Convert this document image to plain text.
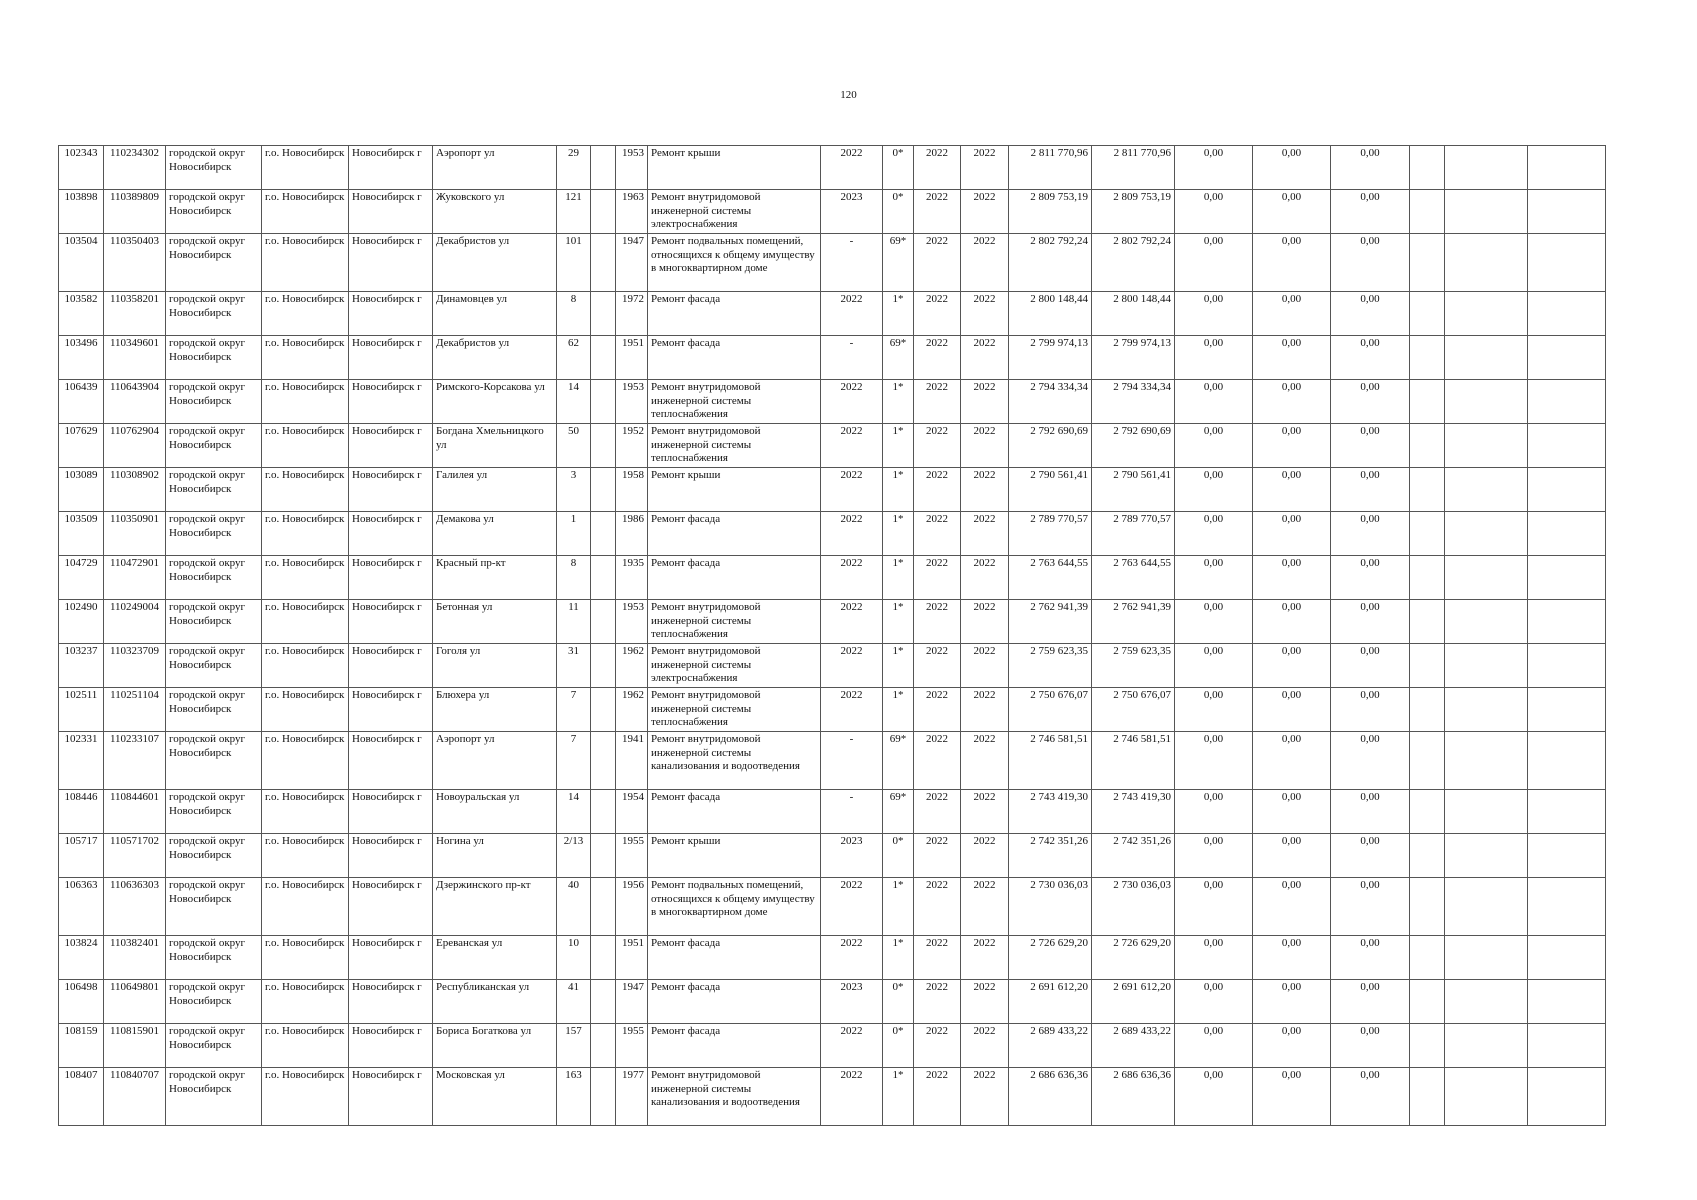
120
102343	110234302	городской округ Новосибирск	г.о. Новосибирск	Новосибирск г	Аэропорт ул	29		1953	Ремонт крыши	2022	0*	2022	2022	2 811 770,96	2 811 770,96	0,00	0,00	0,00			
103898	110389809	городской округ Новосибирск	г.о. Новосибирск	Новосибирск г	Жуковского ул	121		1963	Ремонт внутридомовой инженерной системы электроснабжения	2023	0*	2022	2022	2 809 753,19	2 809 753,19	0,00	0,00	0,00			
103504	110350403	городской округ Новосибирск	г.о. Новосибирск	Новосибирск г	Декабристов ул	101		1947	Ремонт подвальных помещений, относящихся к общему имуществу в многоквартирном доме	-	69*	2022	2022	2 802 792,24	2 802 792,24	0,00	0,00	0,00			
103582	110358201	городской округ Новосибирск	г.о. Новосибирск	Новосибирск г	Динамовцев ул	8		1972	Ремонт фасада	2022	1*	2022	2022	2 800 148,44	2 800 148,44	0,00	0,00	0,00			
103496	110349601	городской округ Новосибирск	г.о. Новосибирск	Новосибирск г	Декабристов ул	62		1951	Ремонт фасада	-	69*	2022	2022	2 799 974,13	2 799 974,13	0,00	0,00	0,00			
106439	110643904	городской округ Новосибирск	г.о. Новосибирск	Новосибирск г	Римского-Корсакова ул	14		1953	Ремонт внутридомовой инженерной системы теплоснабжения	2022	1*	2022	2022	2 794 334,34	2 794 334,34	0,00	0,00	0,00			
107629	110762904	городской округ Новосибирск	г.о. Новосибирск	Новосибирск г	Богдана Хмельницкого ул	50		1952	Ремонт внутридомовой инженерной системы теплоснабжения	2022	1*	2022	2022	2 792 690,69	2 792 690,69	0,00	0,00	0,00			
103089	110308902	городской округ Новосибирск	г.о. Новосибирск	Новосибирск г	Галилея ул	3		1958	Ремонт крыши	2022	1*	2022	2022	2 790 561,41	2 790 561,41	0,00	0,00	0,00			
103509	110350901	городской округ Новосибирск	г.о. Новосибирск	Новосибирск г	Демакова ул	1		1986	Ремонт фасада	2022	1*	2022	2022	2 789 770,57	2 789 770,57	0,00	0,00	0,00			
104729	110472901	городской округ Новосибирск	г.о. Новосибирск	Новосибирск г	Красный пр-кт	8		1935	Ремонт фасада	2022	1*	2022	2022	2 763 644,55	2 763 644,55	0,00	0,00	0,00			
102490	110249004	городской округ Новосибирск	г.о. Новосибирск	Новосибирск г	Бетонная ул	11		1953	Ремонт внутридомовой инженерной системы теплоснабжения	2022	1*	2022	2022	2 762 941,39	2 762 941,39	0,00	0,00	0,00			
103237	110323709	городской округ Новосибирск	г.о. Новосибирск	Новосибирск г	Гоголя ул	31		1962	Ремонт внутридомовой инженерной системы электроснабжения	2022	1*	2022	2022	2 759 623,35	2 759 623,35	0,00	0,00	0,00			
102511	110251104	городской округ Новосибирск	г.о. Новосибирск	Новосибирск г	Блюхера ул	7		1962	Ремонт внутридомовой инженерной системы теплоснабжения	2022	1*	2022	2022	2 750 676,07	2 750 676,07	0,00	0,00	0,00			
102331	110233107	городской округ Новосибирск	г.о. Новосибирск	Новосибирск г	Аэропорт ул	7		1941	Ремонт внутридомовой инженерной системы канализования и водоотведения	-	69*	2022	2022	2 746 581,51	2 746 581,51	0,00	0,00	0,00			
108446	110844601	городской округ Новосибирск	г.о. Новосибирск	Новосибирск г	Новоуральская ул	14		1954	Ремонт фасада	-	69*	2022	2022	2 743 419,30	2 743 419,30	0,00	0,00	0,00			
105717	110571702	городской округ Новосибирск	г.о. Новосибирск	Новосибирск г	Ногина ул	2/13		1955	Ремонт крыши	2023	0*	2022	2022	2 742 351,26	2 742 351,26	0,00	0,00	0,00			
106363	110636303	городской округ Новосибирск	г.о. Новосибирск	Новосибирск г	Дзержинского пр-кт	40		1956	Ремонт подвальных помещений, относящихся к общему имуществу в многоквартирном доме	2022	1*	2022	2022	2 730 036,03	2 730 036,03	0,00	0,00	0,00			
103824	110382401	городской округ Новосибирск	г.о. Новосибирск	Новосибирск г	Ереванская ул	10		1951	Ремонт фасада	2022	1*	2022	2022	2 726 629,20	2 726 629,20	0,00	0,00	0,00			
106498	110649801	городской округ Новосибирск	г.о. Новосибирск	Новосибирск г	Республиканская ул	41		1947	Ремонт фасада	2023	0*	2022	2022	2 691 612,20	2 691 612,20	0,00	0,00	0,00			
108159	110815901	городской округ Новосибирск	г.о. Новосибирск	Новосибирск г	Бориса Богаткова ул	157		1955	Ремонт фасада	2022	0*	2022	2022	2 689 433,22	2 689 433,22	0,00	0,00	0,00			
108407	110840707	городской округ Новосибирск	г.о. Новосибирск	Новосибирск г	Московская ул	163		1977	Ремонт внутридомовой инженерной системы канализования и водоотведения	2022	1*	2022	2022	2 686 636,36	2 686 636,36	0,00	0,00	0,00			
